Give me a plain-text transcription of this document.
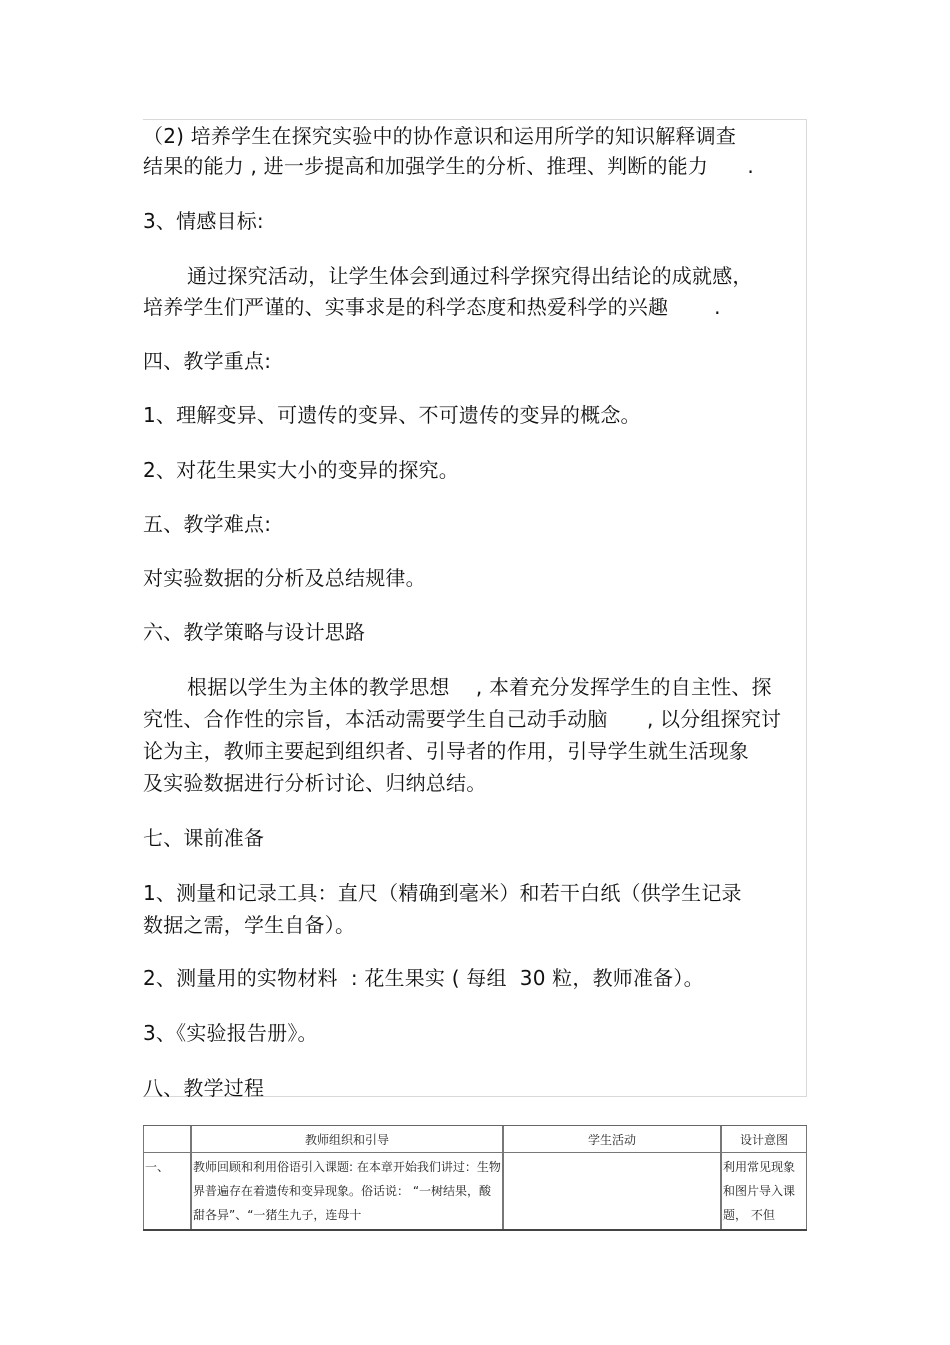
（2) 培养学生在探究实验中的协作意识和运用所学的知识解释调查
结果的能力 , 进一步提高和加强学生的分析、推理、判断的能力      .
3、情感目标:
通过探究活动，让学生体会到通过科学探究得出结论的成就感，
培养学生们严谨的、实事求是的科学态度和热爱科学的兴趣       .
四、教学重点:
1、理解变异、可遗传的变异、不可遗传的变异的概念。
2、对花生果实大小的变异的探究。
五、教学难点:
对实验数据的分析及总结规律。
六、教学策略与设计思路
根据以学生为主体的教学思想    , 本着充分发挥学生的自主性、探
究性、合作性的宗旨，本活动需要学生自己动手动脑      , 以分组探究讨
论为主，教师主要起到组织者、引导者的作用，引导学生就生活现象
及实验数据进行分析讨论、归纳总结。
七、课前准备
1、测量和记录工具：直尺（精确到毫米）和若干白纸（供学生记录
数据之需，学生自备）。
2、测量用的实物材料  : 花生果实 ( 每组  30 粒，教师准备）。
3、《实验报告册》。
八、教学过程
	教师组织和引导	学生活动	设计意图

一、	教师回顾和利用俗语引入课题: 在本章开始我们讲过：生物界普遍存在着遗传和变异现象。俗话说： “一树结果，酸甜各异”、“一猪生九子，连母十		利用常见现象和图片导入课题， 不但
